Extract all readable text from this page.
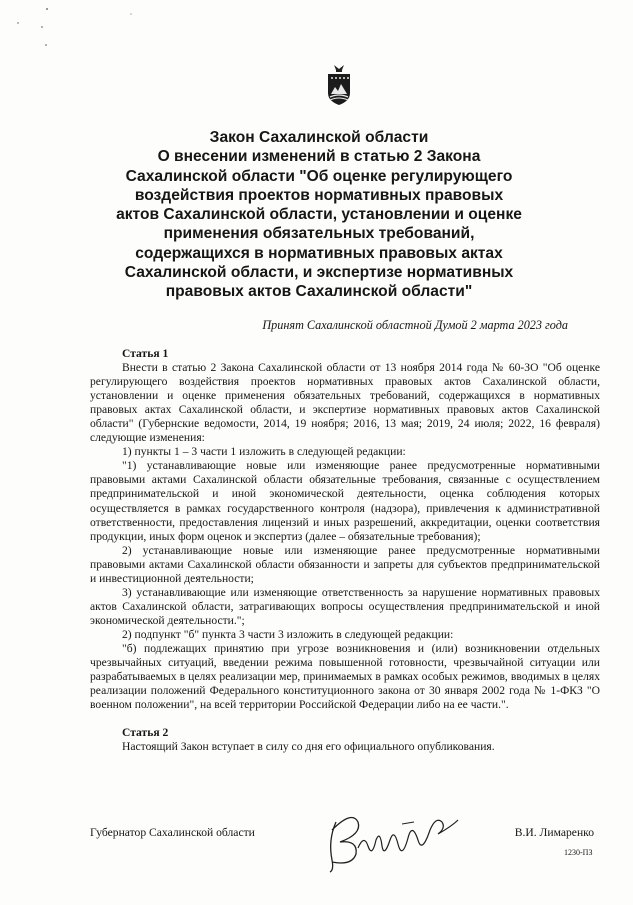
Закон Сахалинской области
О внесении изменений в статью 2 Закона
Сахалинской области "Об оценке регулирующего
воздействия проектов нормативных правовых
актов Сахалинской области, установлении и оценке
применения обязательных требований,
содержащихся в нормативных правовых актах
Сахалинской области, и экспертизе нормативных
правовых актов Сахалинской области"
Принят Сахалинской областной Думой 2 марта 2023 года

Статья 1

Внести в статью 2 Закона Сахалинской области от 13 ноября 2014 года № 60-ЗО "Об оценке регулирующего воздействия проектов нормативных правовых актов Сахалинской области, установлении и оценке применения обязательных требований, содержащихся в нормативных правовых актах Сахалинской области, и экспертизе нормативных правовых актов Сахалинской области" (Губернские ведомости, 2014, 19 ноября; 2016, 13 мая; 2019, 24 июля; 2022, 16 февраля) следующие изменения:

1) пункты 1 – 3 части 1 изложить в следующей редакции:

"1) устанавливающие новые или изменяющие ранее предусмотренные нормативными правовыми актами Сахалинской области обязательные требования, связанные с осуществлением предпринимательской и иной экономической деятельности, оценка соблюдения которых осуществляется в рамках государственного контроля (надзора), привлечения к административной ответственности, предоставления лицензий и иных разрешений, аккредитации, оценки соответствия продукции, иных форм оценок и экспертиз (далее – обязательные требования);

2) устанавливающие новые или изменяющие ранее предусмотренные нормативными правовыми актами Сахалинской области обязанности и запреты для субъектов предпринимательской и инвестиционной деятельности;

3) устанавливающие или изменяющие ответственность за нарушение нормативных правовых актов Сахалинской области, затрагивающих вопросы осуществления предпринимательской и иной экономической деятельности.";

2) подпункт "б" пункта 3 части 3 изложить в следующей редакции:

"б) подлежащих принятию при угрозе возникновения и (или) возникновении отдельных чрезвычайных ситуаций, введении режима повышенной готовности, чрезвычайной ситуации или разрабатываемых в целях реализации мер, принимаемых в рамках особых режимов, вводимых в целях реализации положений Федерального конституционного закона от 30 января 2002 года № 1-ФКЗ "О военном положении", на всей территории Российской Федерации либо на ее части.".

Статья 2

Настоящий Закон вступает в силу со дня его официального опубликования.

Губернатор Сахалинской области	В.И. Лимаренко
1230-ПЗ
